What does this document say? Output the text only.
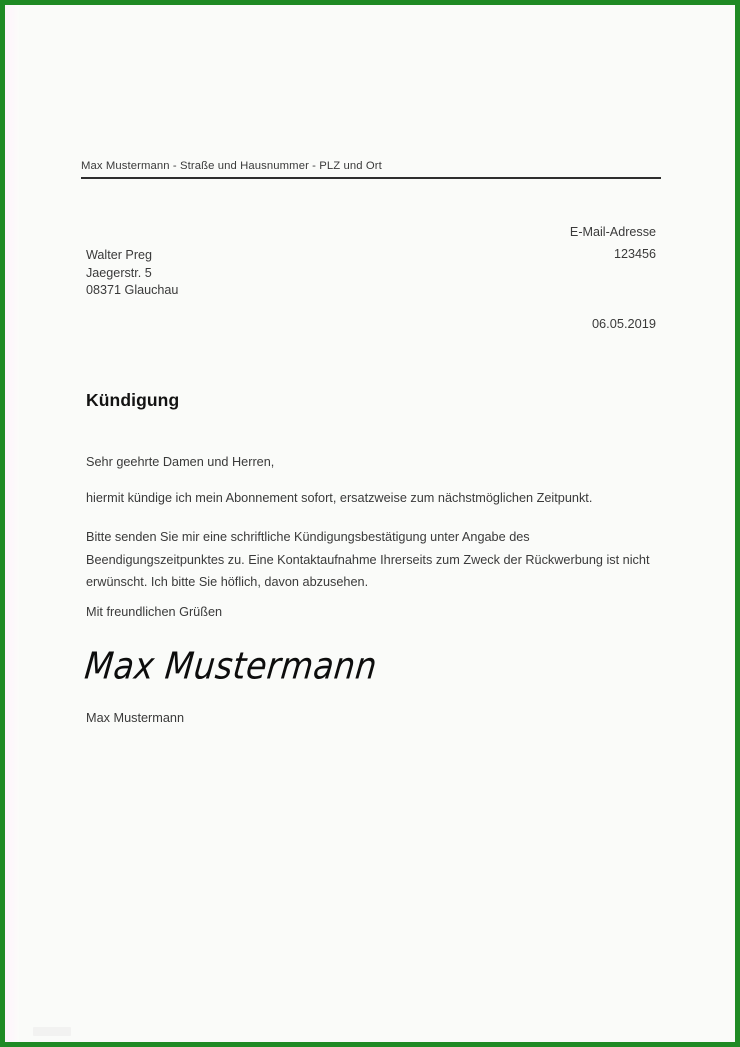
Max Mustermann - Straße und Hausnummer - PLZ und Ort
E-Mail-Adresse
123456
06.05.2019
Walter Preg
Jaegerstr. 5
08371 Glauchau
Kündigung
Sehr geehrte Damen und Herren,
hiermit kündige ich mein Abonnement sofort, ersatzweise zum nächstmöglichen Zeitpunkt.
Bitte senden Sie mir eine schriftliche Kündigungsbestätigung unter Angabe des Beendigungszeitpunktes zu. Eine Kontaktaufnahme Ihrerseits zum Zweck der Rückwerbung ist nicht erwünscht. Ich bitte Sie höflich, davon abzusehen.
Mit freundlichen Grüßen
Max Mustermann
Max Mustermann
